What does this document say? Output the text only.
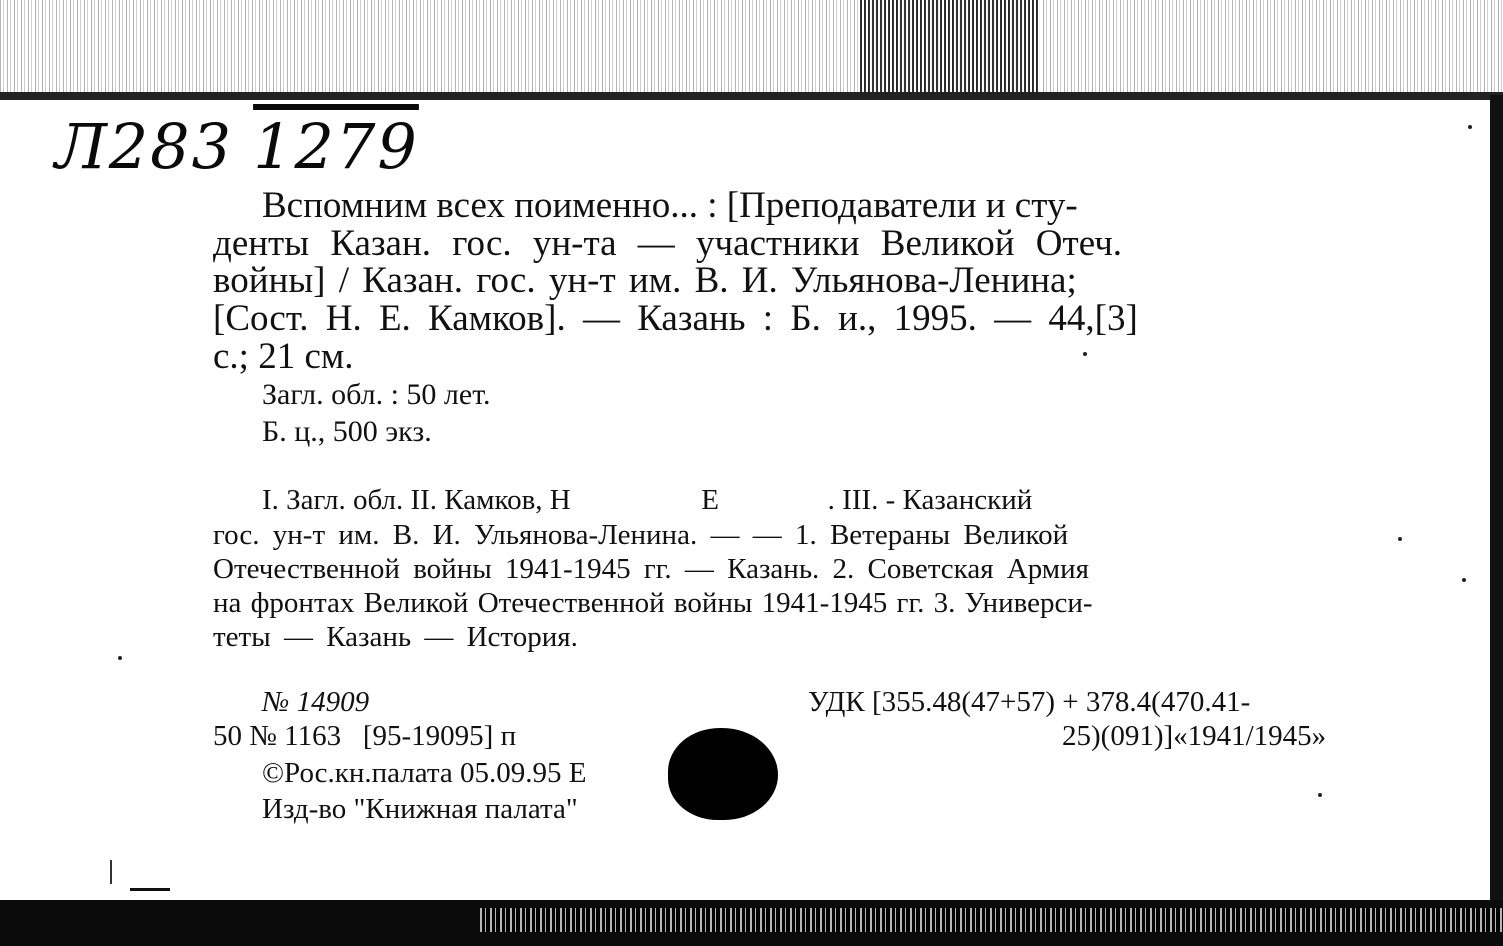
Л283 1279
Вспомним всех поименно... : [Преподаватели и сту-
денты Казан. гос. ун-та — участники Великой Отеч.
войны] / Казан. гос. ун-т им. В. И. Ульянова-Ленина;
[Сост. Н. Е. Камков]. — Казань : Б. и., 1995. — 44,[3]
с.; 21 см.
Загл. обл. : 50 лет.
Б. ц., 500 экз.
I. Загл. обл. II. Камков, Н                  Е               . III. - Казанский
гос. ун-т им. В. И. Ульянова-Ленина. — — 1. Ветераны Великой
Отечественной войны 1941-1945 гг. — Казань. 2. Советская Армия
на фронтах Великой Отечественной войны 1941-1945 гг. 3. Универси-
теты — Казань — История.
№ 14909
50 № 1163   [95-19095] п
©Рос.кн.палата 05.09.95 Е
Изд-во "Книжная палата"
УДК [355.48(47+57) + 378.4(470.41-
25)(091)]«1941/1945»
